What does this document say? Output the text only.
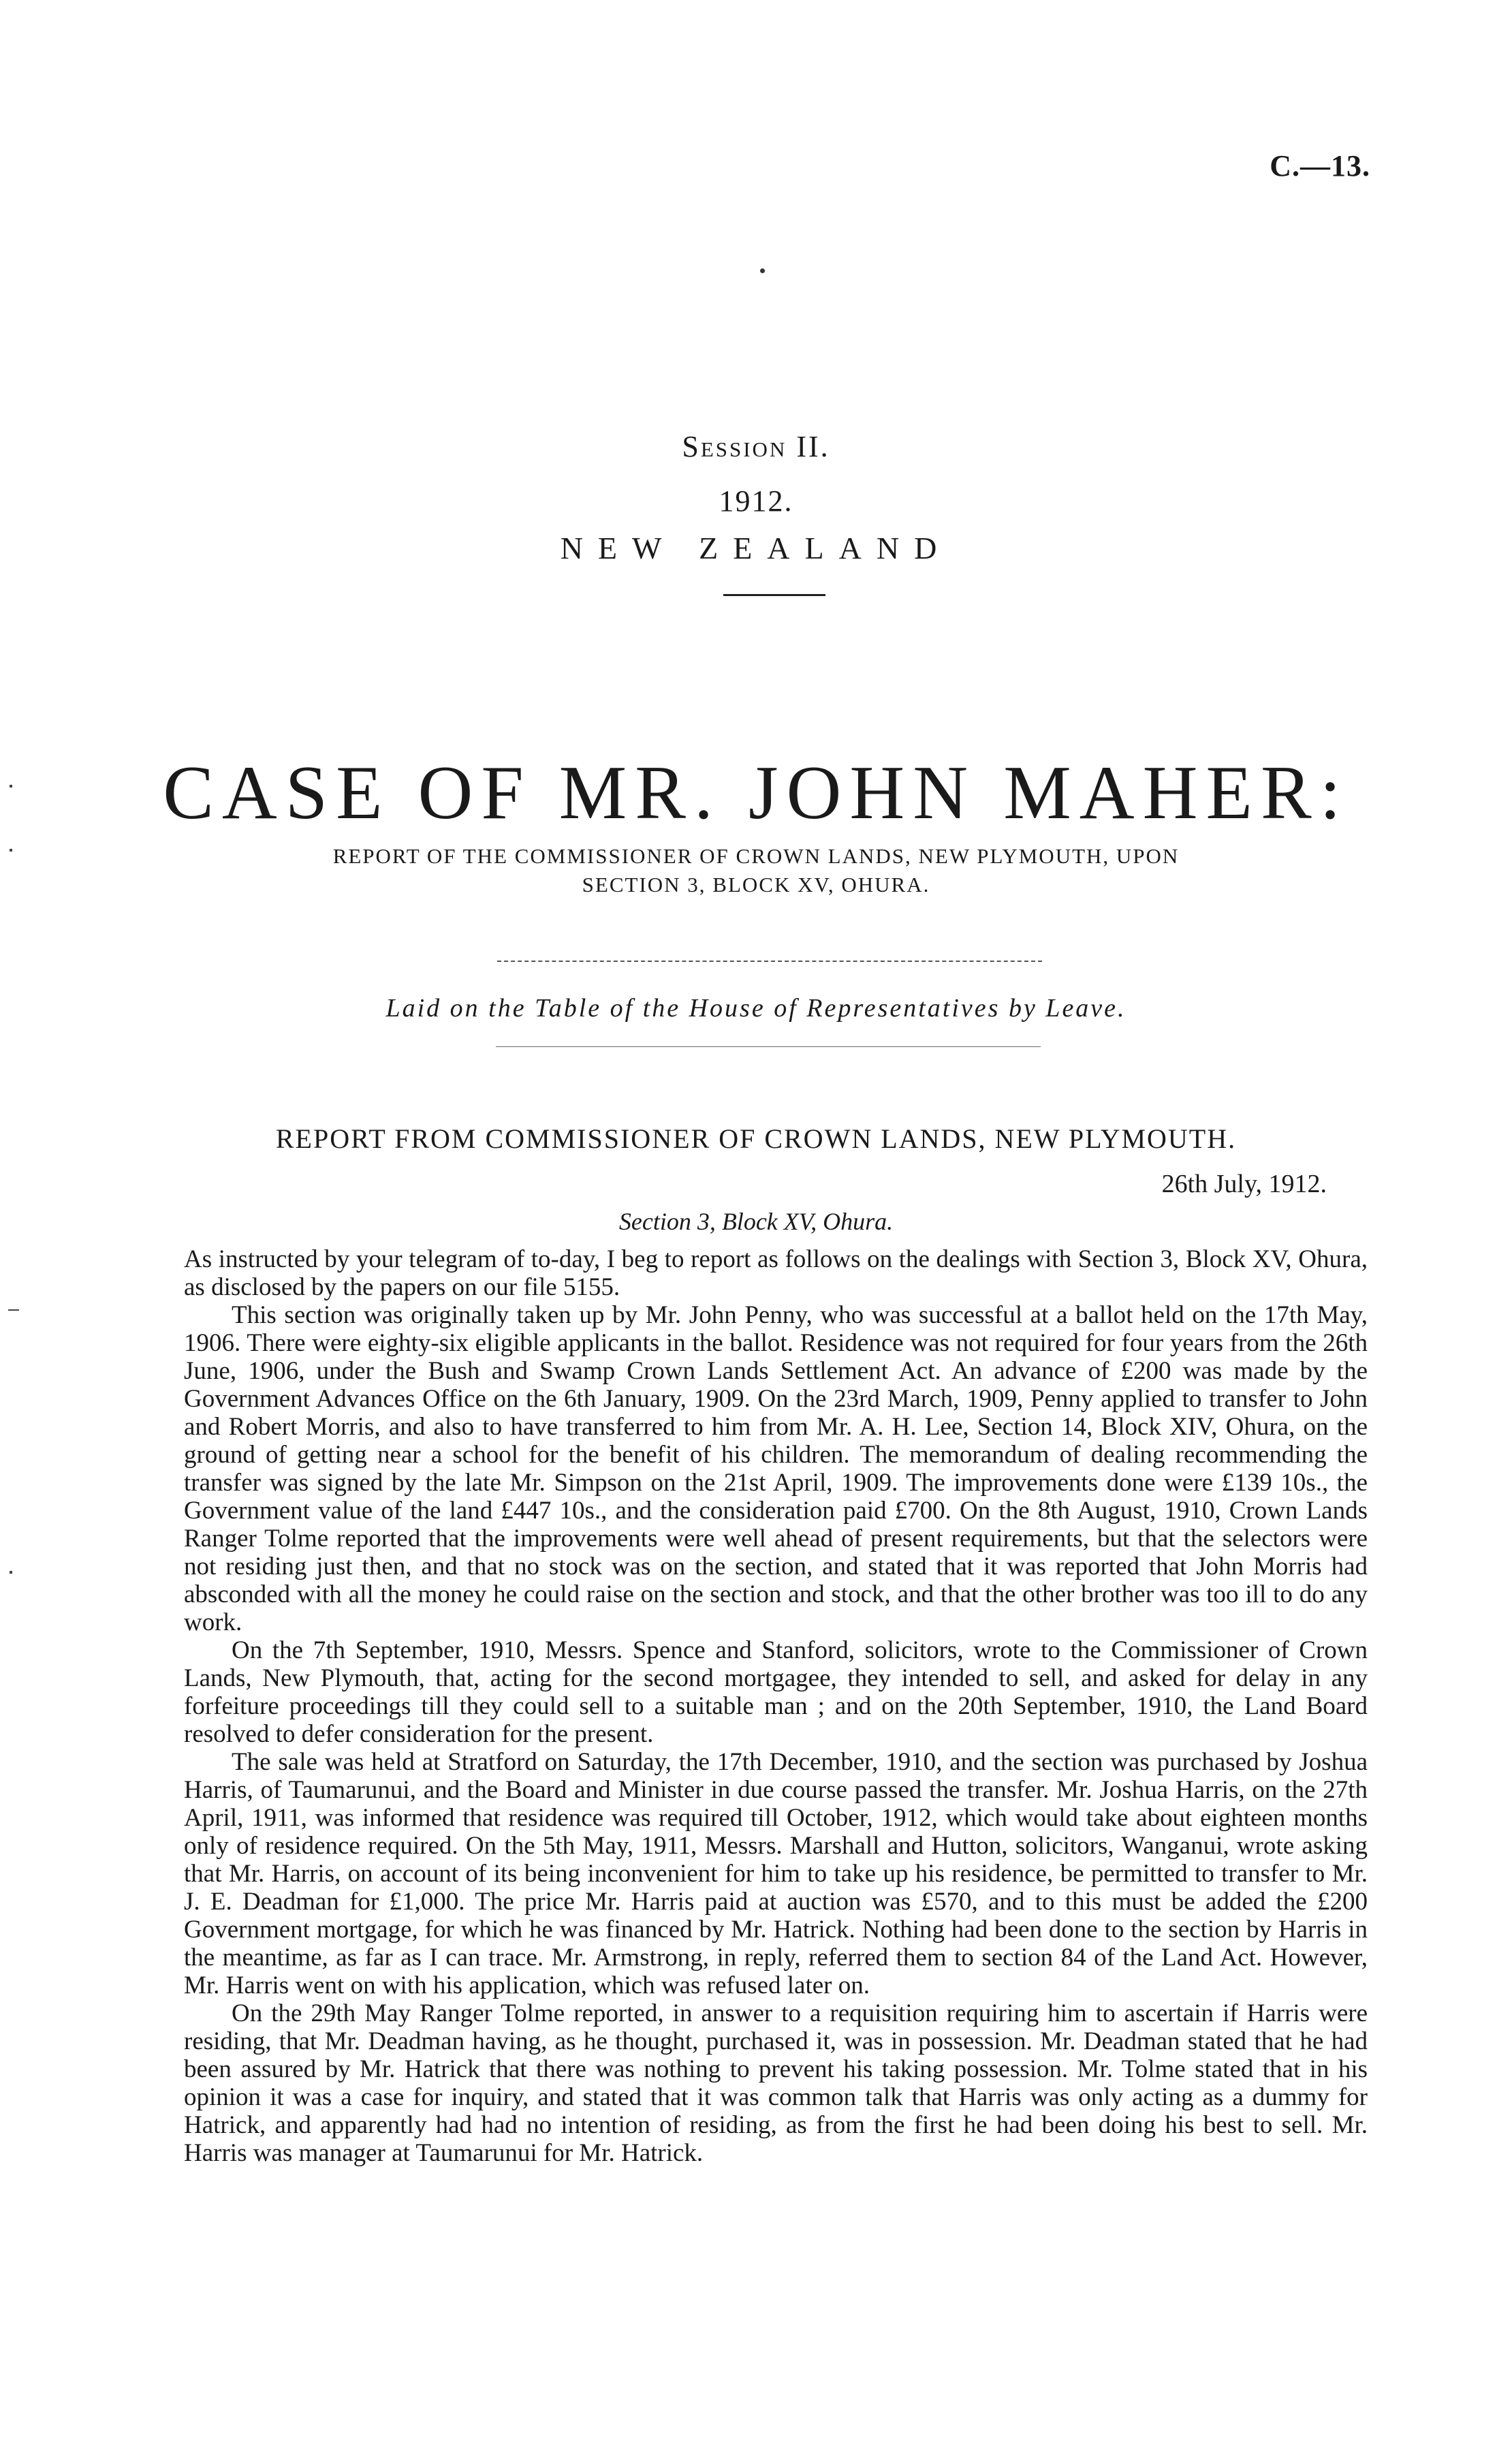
C.—13.
Session II.
1912.
NEW ZEALAND
CASE OF MR. JOHN MAHER:
REPORT OF THE COMMISSIONER OF CROWN LANDS, NEW PLYMOUTH, UPON
SECTION 3, BLOCK XV, OHURA.
Laid on the Table of the House of Representatives by Leave.
REPORT FROM COMMISSIONER OF CROWN LANDS, NEW PLYMOUTH.
26th July, 1912.
Section 3, Block XV, Ohura.

As instructed by your telegram of to-day, I beg to report as follows on the dealings with Section 3, Block XV, Ohura, as disclosed by the papers on our file 5155.

This section was originally taken up by Mr. John Penny, who was successful at a ballot held on the 17th May, 1906. There were eighty-six eligible applicants in the ballot. Residence was not required for four years from the 26th June, 1906, under the Bush and Swamp Crown Lands Settlement Act. An advance of £200 was made by the Government Advances Office on the 6th January, 1909. On the 23rd March, 1909, Penny applied to transfer to John and Robert Morris, and also to have transferred to him from Mr. A. H. Lee, Section 14, Block XIV, Ohura, on the ground of getting near a school for the benefit of his children. The memorandum of dealing recommending the transfer was signed by the late Mr. Simpson on the 21st April, 1909. The improvements done were £139 10s., the Government value of the land £447 10s., and the consideration paid £700. On the 8th August, 1910, Crown Lands Ranger Tolme reported that the improvements were well ahead of present requirements, but that the selectors were not residing just then, and that no stock was on the section, and stated that it was reported that John Morris had absconded with all the money he could raise on the section and stock, and that the other brother was too ill to do any work.

On the 7th September, 1910, Messrs. Spence and Stanford, solicitors, wrote to the Commissioner of Crown Lands, New Plymouth, that, acting for the second mortgagee, they intended to sell, and asked for delay in any forfeiture proceedings till they could sell to a suitable man ; and on the 20th September, 1910, the Land Board resolved to defer consideration for the present.

The sale was held at Stratford on Saturday, the 17th December, 1910, and the section was purchased by Joshua Harris, of Taumarunui, and the Board and Minister in due course passed the transfer. Mr. Joshua Harris, on the 27th April, 1911, was informed that residence was required till October, 1912, which would take about eighteen months only of residence required. On the 5th May, 1911, Messrs. Marshall and Hutton, solicitors, Wanganui, wrote asking that Mr. Harris, on account of its being inconvenient for him to take up his residence, be permitted to transfer to Mr. J. E. Deadman for £1,000. The price Mr. Harris paid at auction was £570, and to this must be added the £200 Government mortgage, for which he was financed by Mr. Hatrick. Nothing had been done to the section by Harris in the meantime, as far as I can trace. Mr. Armstrong, in reply, referred them to section 84 of the Land Act. However, Mr. Harris went on with his application, which was refused later on.

On the 29th May Ranger Tolme reported, in answer to a requisition requiring him to ascertain if Harris were residing, that Mr. Deadman having, as he thought, purchased it, was in possession. Mr. Deadman stated that he had been assured by Mr. Hatrick that there was nothing to prevent his taking possession. Mr. Tolme stated that in his opinion it was a case for inquiry, and stated that it was common talk that Harris was only acting as a dummy for Hatrick, and apparently had had no intention of residing, as from the first he had been doing his best to sell. Mr. Harris was manager at Taumarunui for Mr. Hatrick.
